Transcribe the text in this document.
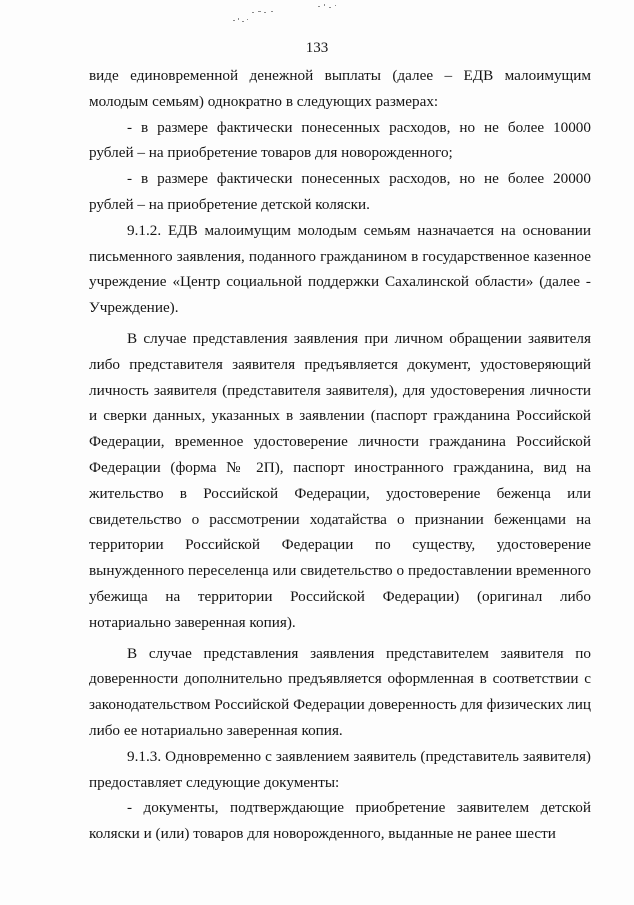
133

виде единовременной денежной выплаты (далее – ЕДВ малоимущим молодым семьям) однократно в следующих размерах:

- в размере фактически понесенных расходов, но не более 10000 рублей – на приобретение товаров для новорожденного;

- в размере фактически понесенных расходов, но не более 20000 рублей – на приобретение детской коляски.

9.1.2. ЕДВ малоимущим молодым семьям назначается на основании письменного заявления, поданного гражданином в государственное казенное учреждение «Центр социальной поддержки Сахалинской области» (далее - Учреждение).

В случае представления заявления при личном обращении заявителя либо представителя заявителя предъявляется документ, удостоверяющий личность заявителя (представителя заявителя), для удостоверения личности и сверки данных, указанных в заявлении (паспорт гражданина Российской Федерации, временное удостоверение личности гражданина Российской Федерации (форма № 2П), паспорт иностранного гражданина, вид на жительство в Российской Федерации, удостоверение беженца или свидетельство о рассмотрении ходатайства о признании беженцами на территории Российской Федерации по существу, удостоверение вынужденного переселенца или свидетельство о предоставлении временного убежища на территории Российской Федерации) (оригинал либо нотариально заверенная копия).

В случае представления заявления представителем заявителя по доверенности дополнительно предъявляется оформленная в соответствии с законодательством Российской Федерации доверенность для физических лиц либо ее нотариально заверенная копия.

9.1.3. Одновременно с заявлением заявитель (представитель заявителя) предоставляет следующие документы:

- документы, подтверждающие приобретение заявителем детской коляски и (или) товаров для новорожденного, выданные не ранее шести
